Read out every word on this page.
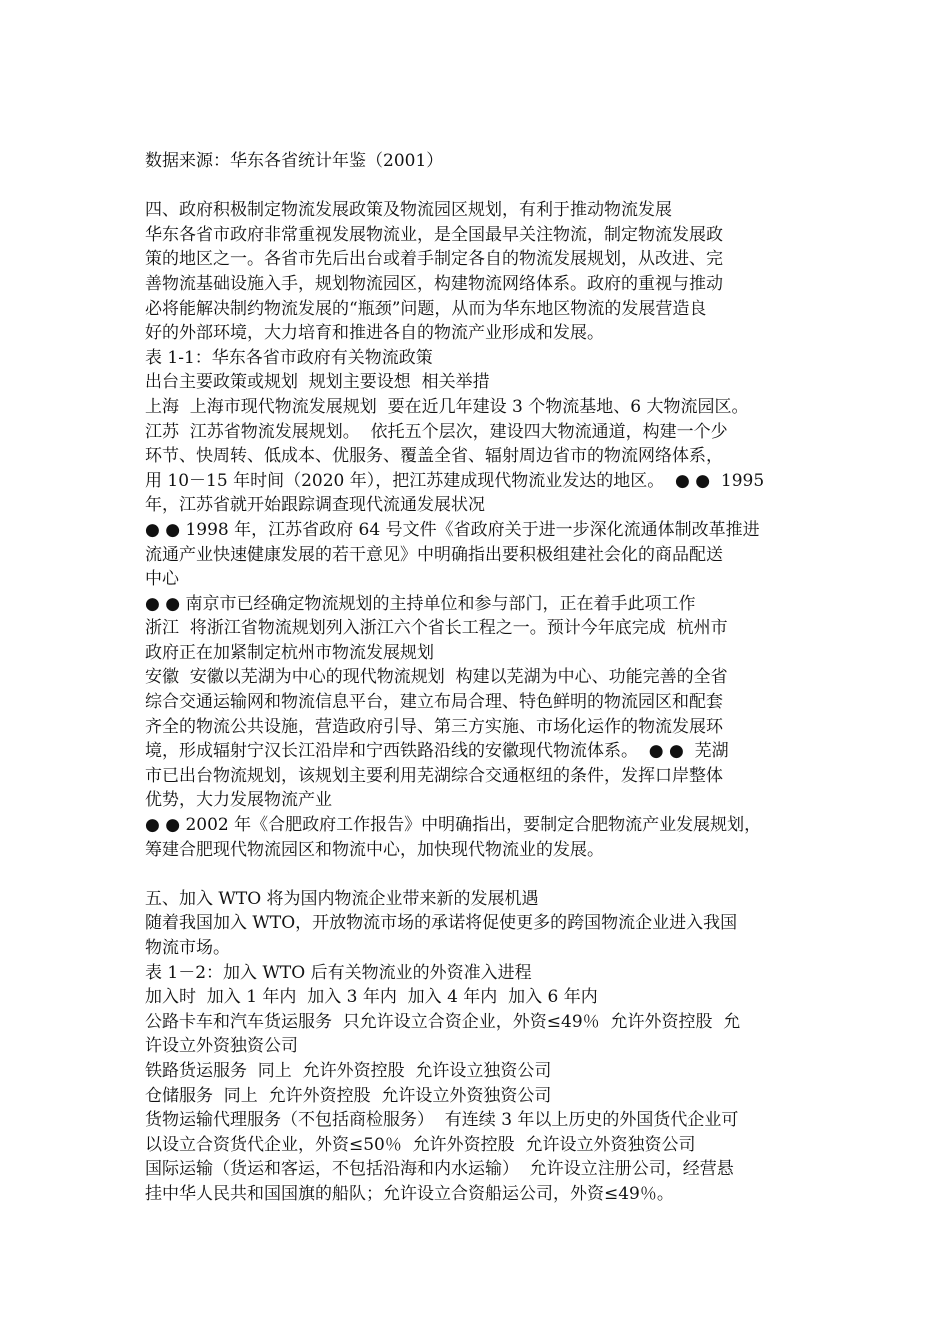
数据来源：华东各省统计年鉴（2001）
四、政府积极制定物流发展政策及物流园区规划，有利于推动物流发展
华东各省市政府非常重视发展物流业，是全国最早关注物流，制定物流发展政
策的地区之一。各省市先后出台或着手制定各自的物流发展规划，从改进、完
善物流基础设施入手，规划物流园区，构建物流网络体系。政府的重视与推动
必将能解决制约物流发展的“瓶颈”问题，从而为华东地区物流的发展营造良
好的外部环境，大力培育和推进各自的物流产业形成和发展。
表 1-1：华东各省市政府有关物流政策
出台主要政策或规划  规划主要设想  相关举措
上海  上海市现代物流发展规划  要在近几年建设 3 个物流基地、6 大物流园区。
江苏  江苏省物流发展规划。  依托五个层次，建设四大物流通道，构建一个少
环节、快周转、低成本、优服务、覆盖全省、辐射周边省市的物流网络体系，
用 10－15 年时间（2020 年），把江苏建成现代物流业发达的地区。  ● ●  1995
年，江苏省就开始跟踪调查现代流通发展状况
● ● 1998 年，江苏省政府 64 号文件《省政府关于进一步深化流通体制改革推进
流通产业快速健康发展的若干意见》中明确指出要积极组建社会化的商品配送
中心
● ● 南京市已经确定物流规划的主持单位和参与部门，正在着手此项工作
浙江  将浙江省物流规划列入浙江六个省长工程之一。预计今年底完成  杭州市
政府正在加紧制定杭州市物流发展规划
安徽  安徽以芜湖为中心的现代物流规划  构建以芜湖为中心、功能完善的全省
综合交通运输网和物流信息平台，建立布局合理、特色鲜明的物流园区和配套
齐全的物流公共设施，营造政府引导、第三方实施、市场化运作的物流发展环
境，形成辐射宁汉长江沿岸和宁西铁路沿线的安徽现代物流体系。  ● ●  芜湖
市已出台物流规划，该规划主要利用芜湖综合交通枢纽的条件，发挥口岸整体
优势，大力发展物流产业
● ● 2002 年《合肥政府工作报告》中明确指出，要制定合肥物流产业发展规划，
筹建合肥现代物流园区和物流中心，加快现代物流业的发展。
五、加入 WTO 将为国内物流企业带来新的发展机遇
随着我国加入 WTO，开放物流市场的承诺将促使更多的跨国物流企业进入我国
物流市场。
表 1－2：加入 WTO 后有关物流业的外资准入进程
加入时  加入 1 年内  加入 3 年内  加入 4 年内  加入 6 年内
公路卡车和汽车货运服务  只允许设立合资企业，外资≤49％  允许外资控股  允
许设立外资独资公司
铁路货运服务  同上  允许外资控股  允许设立独资公司
仓储服务  同上  允许外资控股  允许设立外资独资公司
货物运输代理服务（不包括商检服务）  有连续 3 年以上历史的外国货代企业可
以设立合资货代企业，外资≤50％  允许外资控股  允许设立外资独资公司
国际运输（货运和客运，不包括沿海和内水运输）  允许设立注册公司，经营悬
挂中华人民共和国国旗的船队；允许设立合资船运公司，外资≤49％。
